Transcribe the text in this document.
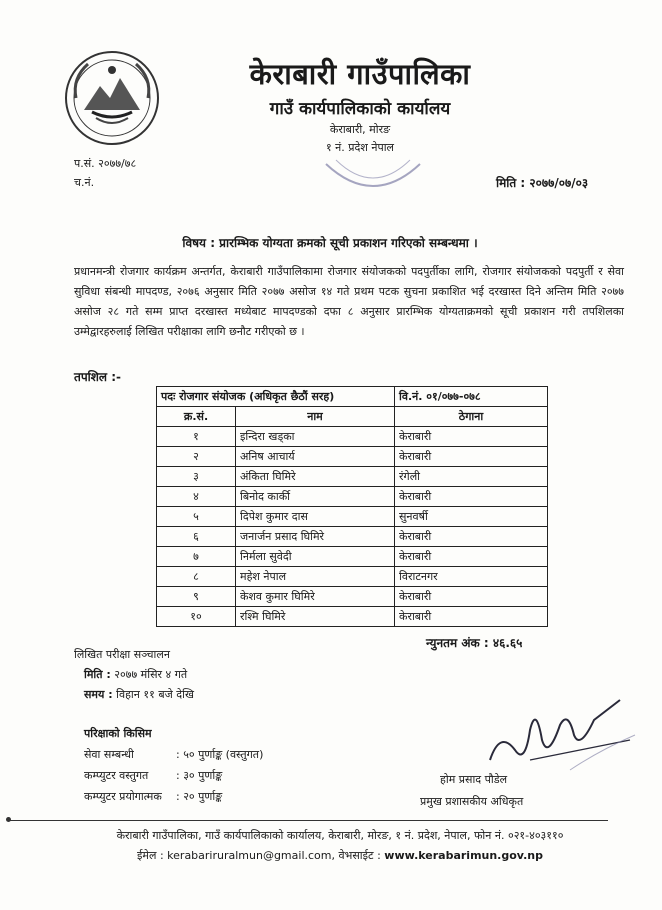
केराबारी गाउँपालिका
गाउँ कार्यपालिकाको कार्यालय
केराबारी, मोरङ
१ नं. प्रदेश नेपाल
प.सं. २०७७/७८
च.नं.	मिति : २०७७/०७/०३
विषय : प्रारम्भिक योग्यता क्रमको सूची प्रकाशन गरिएको सम्बन्धमा ।
प्रधानमन्त्री रोजगार कार्यक्रम अन्तर्गत, केराबारी गाउँपालिकामा रोजगार संयोजकको पदपुर्तीका लागि, रोजगार संयोजकको पदपुर्ती र सेवा सुविधा संबन्धी मापदण्ड, २०७६ अनुसार मिति २०७७ असोज १४ गते प्रथम पटक सुचना प्रकाशित भई दरखास्त दिने अन्तिम मिति २०७७ असोज २८ गते सम्म प्राप्त दरखास्त मध्येबाट मापदण्डको दफा ८ अनुसार प्रारम्भिक योग्यताक्रमको सूची प्रकाशन गरी तपशिलका उम्मेद्वारहरुलाई लिखित परीक्षाका लागि छनौट गरीएको छ ।
तपशिल :-
पदः रोजगार संयोजक (अधिकृत छैठौं सरह)		वि.नं. ०१/०७७-०७८
क्र.सं.	नाम	ठेगाना
१	इन्दिरा खड्का	केराबारी
२	अनिष आचार्य	केराबारी
३	अंकिता घिमिरे	रंगेली
४	बिनोद कार्की	केराबारी
५	दिपेश कुमार दास	सुनवर्षी
६	जनार्जन प्रसाद घिमिरे	केराबारी
७	निर्मला सुवेदी	केराबारी
८	महेश नेपाल	विराटनगर
९	केशव कुमार घिमिरे	केराबारी
१०	रश्मि घिमिरे	केराबारी
न्युनतम अंक : ४६.६५
लिखित परीक्षा सञ्चालन
मिति : २०७७ मंसिर ४ गते
समय : विहान ११ बजे देखि
परिक्षाको किसिम
सेवा सम्बन्धी	: ५० पुर्णाङ्क (वस्तुगत)
कम्प्युटर वस्तुगत	: ३० पुर्णाङ्क
कम्प्युटर प्रयोगात्मक : २० पुर्णाङ्क
होम प्रसाद पौडेल
प्रमुख प्रशासकीय अधिकृत
केराबारी गाउँपालिका, गाउँ कार्यपालिकाको कार्यालय, केराबारी, मोरङ, १ नं. प्रदेश, नेपाल, फोन नं. ०२१-४०३११०
ईमेल : kerabariruralmun@gmail.com, वेभसाईट : www.kerabarimun.gov.np
